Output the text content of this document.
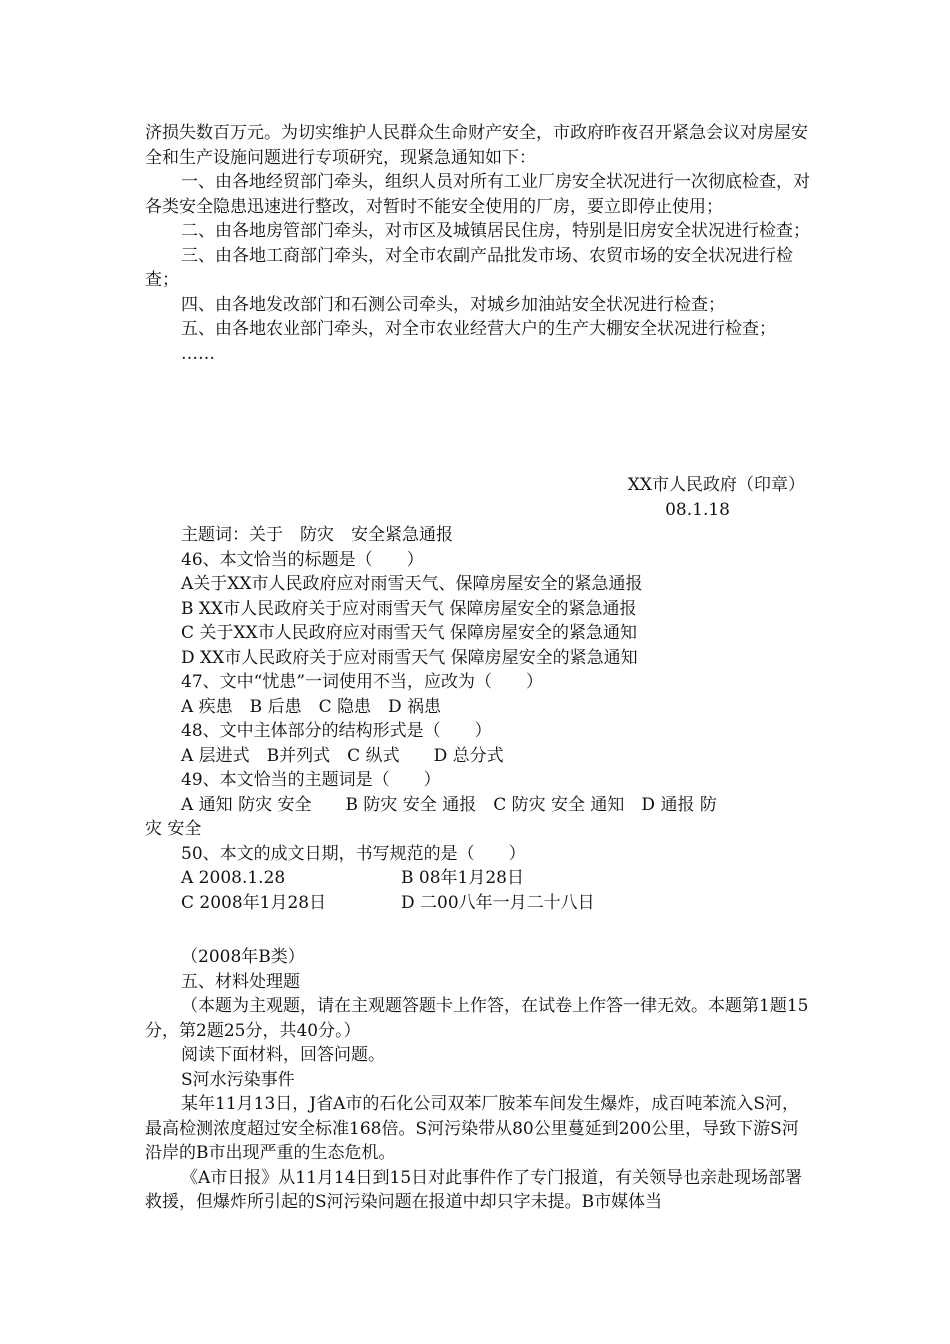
济损失数百万元。为切实维护人民群众生命财产安全，市政府昨夜召开紧急会议对房屋安全和生产设施问题进行专项研究，现紧急通知如下：

一、由各地经贸部门牵头，组织人员对所有工业厂房安全状况进行一次彻底检查，对各类安全隐患迅速进行整改，对暂时不能安全使用的厂房，要立即停止使用；

二、由各地房管部门牵头，对市区及城镇居民住房，特别是旧房安全状况进行检查；

三、由各地工商部门牵头，对全市农副产品批发市场、农贸市场的安全状况进行检查；

四、由各地发改部门和石测公司牵头，对城乡加油站安全状况进行检查；

五、由各地农业部门牵头，对全市农业经营大户的生产大棚安全状况进行检查；

……

XX市人民政府（印章）
08.1.18

主题词：关于　防灾　安全紧急通报

46、本文恰当的标题是（　　）

A关于XX市人民政府应对雨雪天气、保障房屋安全的紧急通报

B XX市人民政府关于应对雨雪天气 保障房屋安全的紧急通报

C 关于XX市人民政府应对雨雪天气 保障房屋安全的紧急通知

D XX市人民政府关于应对雨雪天气 保障房屋安全的紧急通知

47、文中“忧患”一词使用不当，应改为（　　）

A 疾患　B 后患　C 隐患　D 祸患

48、文中主体部分的结构形式是（　　）

A 层进式　B并列式　C 纵式　　D 总分式

49、本文恰当的主题词是（　　）

A 通知 防灾 安全　　B 防灾 安全 通报　C 防灾 安全 通知　D 通报 防

灾 安全

50、本文的成文日期，书写规范的是（　　）

A 2008.1.28	B 08年1月28日

C 2008年1月28日	D 二00八年一月二十八日

（2008年B类）

五、材料处理题

（本题为主观题，请在主观题答题卡上作答，在试卷上作答一律无效。本题第1题15分，第2题25分，共40分。）

阅读下面材料，回答问题。

S河水污染事件

某年11月13日，J省A市的石化公司双苯厂胺苯车间发生爆炸，成百吨苯流入S河，最高检测浓度超过安全标准168倍。S河污染带从80公里蔓延到200公里，导致下游S河沿岸的B市出现严重的生态危机。

《A市日报》从11月14日到15日对此事件作了专门报道，有关领导也亲赴现场部署救援，但爆炸所引起的S河污染问题在报道中却只字未提。B市媒体当
